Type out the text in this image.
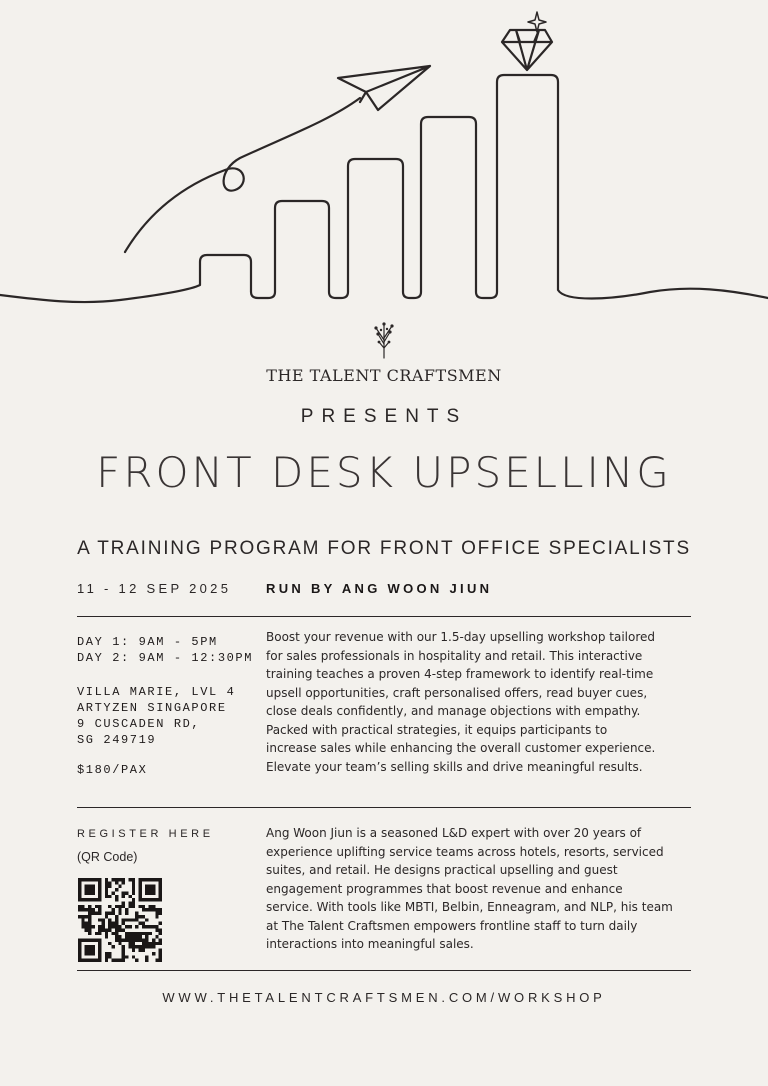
THE TALENT CRAFTSMEN
PRESENTS
FRONT DESK UPSELLING
A TRAINING PROGRAM FOR FRONT OFFICE SPECIALISTS
11 - 12 SEP 2025	RUN BY ANG WOON JIUN
DAY 1: 9AM - 5PM
DAY 2: 9AM - 12:30PM
VILLA MARIE, LVL 4
ARTYZEN SINGAPORE
9 CUSCADEN RD,
SG 249719
$180/PAX
Boost your revenue with our 1.5-day upselling workshop tailored
for sales professionals in hospitality and retail. This interactive
training teaches a proven 4-step framework to identify real-time
upsell opportunities, craft personalised offers, read buyer cues,
close deals confidently, and manage objections with empathy.
Packed with practical strategies, it equips participants to
increase sales while enhancing the overall customer experience.
Elevate your team’s selling skills and drive meaningful results.
REGISTER HERE
(QR Code)
Ang Woon Jiun is a seasoned L&D expert with over 20 years of
experience uplifting service teams across hotels, resorts, serviced
suites, and retail. He designs practical upselling and guest
engagement programmes that boost revenue and enhance
service. With tools like MBTI, Belbin, Enneagram, and NLP, his team
at The Talent Craftsmen empowers frontline staff to turn daily
interactions into meaningful sales.
WWW.THETALENTCRAFTSMEN.COM/WORKSHOP
